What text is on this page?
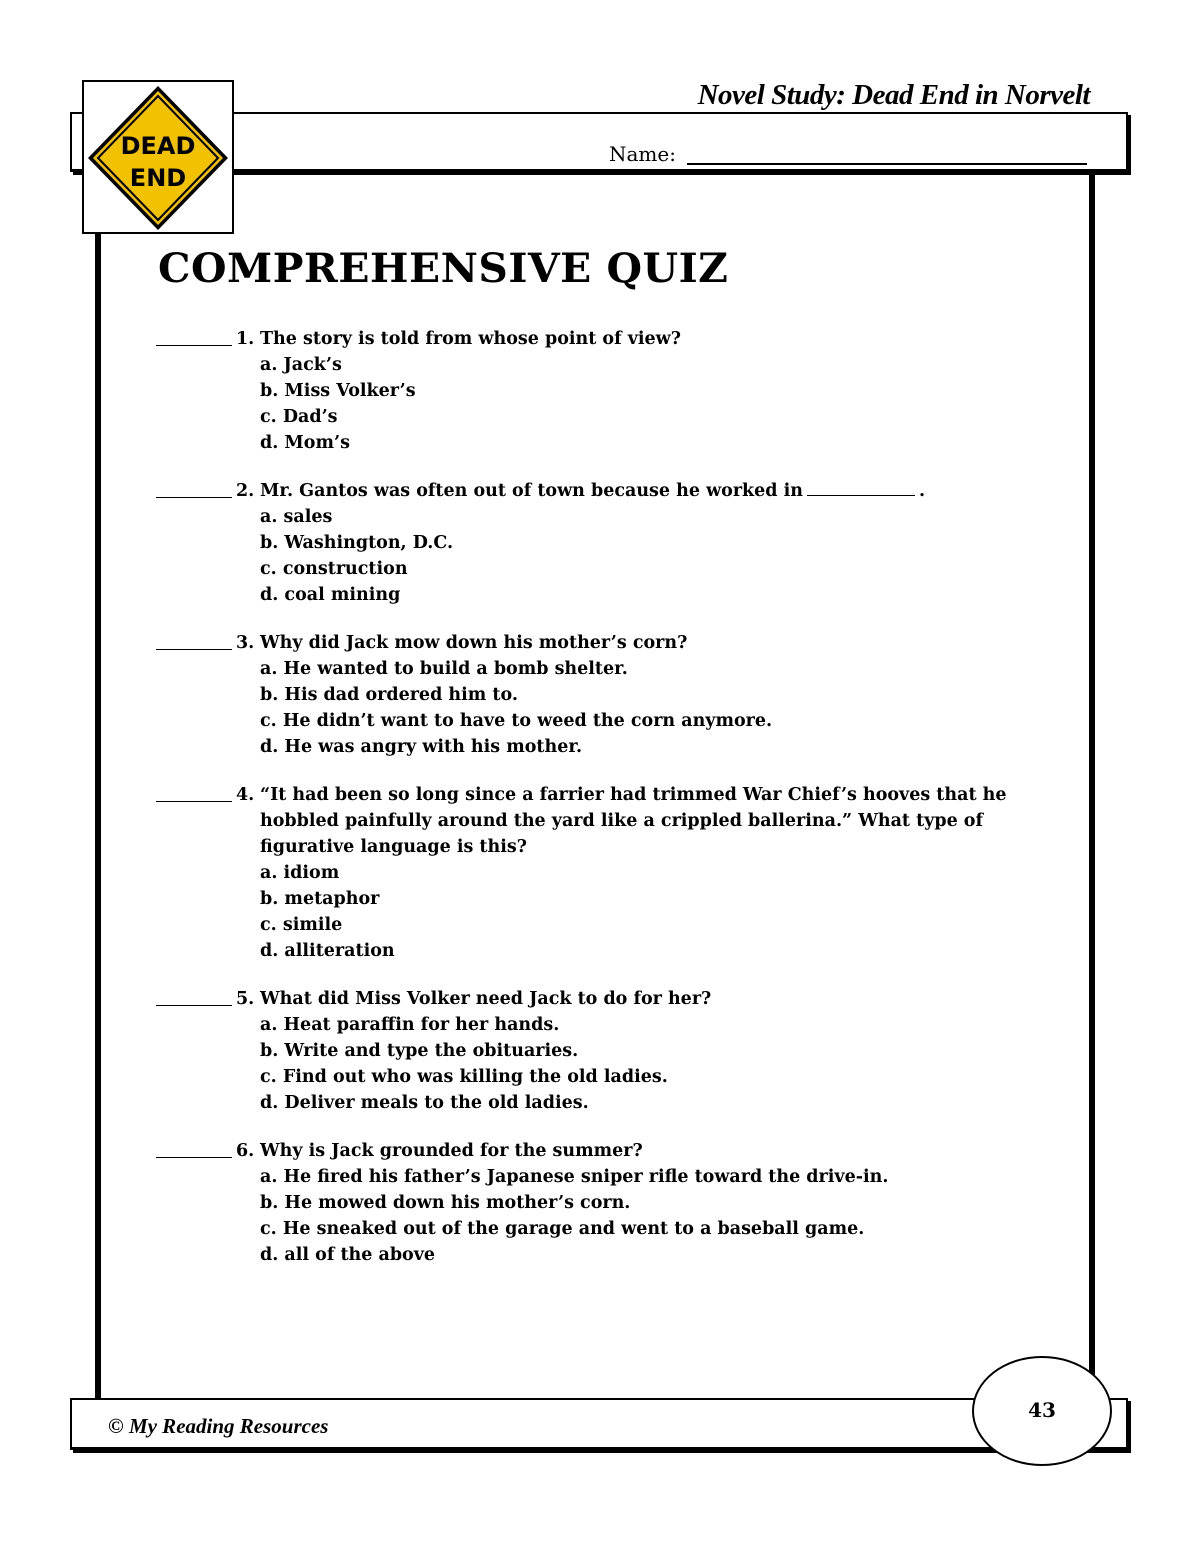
Novel Study: Dead End in Norvelt
Name:
DEAD
END
COMPREHENSIVE QUIZ
1. The story is told from whose point of view?
a. Jack’s
b. Miss Volker’s
c. Dad’s
d. Mom’s
2. Mr. Gantos was often out of town because he worked in	.
a. sales
b. Washington, D.C.
c. construction
d. coal mining
3. Why did Jack mow down his mother’s corn?
a. He wanted to build a bomb shelter.
b. His dad ordered him to.
c. He didn’t want to have to weed the corn anymore.
d. He was angry with his mother.
4. “It had been so long since a farrier had trimmed War Chief’s hooves that he hobbled painfully around the yard like a crippled ballerina.” What type of figurative language is this?
a. idiom
b. metaphor
c. simile
d. alliteration
5. What did Miss Volker need Jack to do for her?
a. Heat paraffin for her hands.
b. Write and type the obituaries.
c. Find out who was killing the old ladies.
d. Deliver meals to the old ladies.
6. Why is Jack grounded for the summer?
a. He fired his father’s Japanese sniper rifle toward the drive-in.
b. He mowed down his mother’s corn.
c. He sneaked out of the garage and went to a baseball game.
d. all of the above
© My Reading Resources
43
